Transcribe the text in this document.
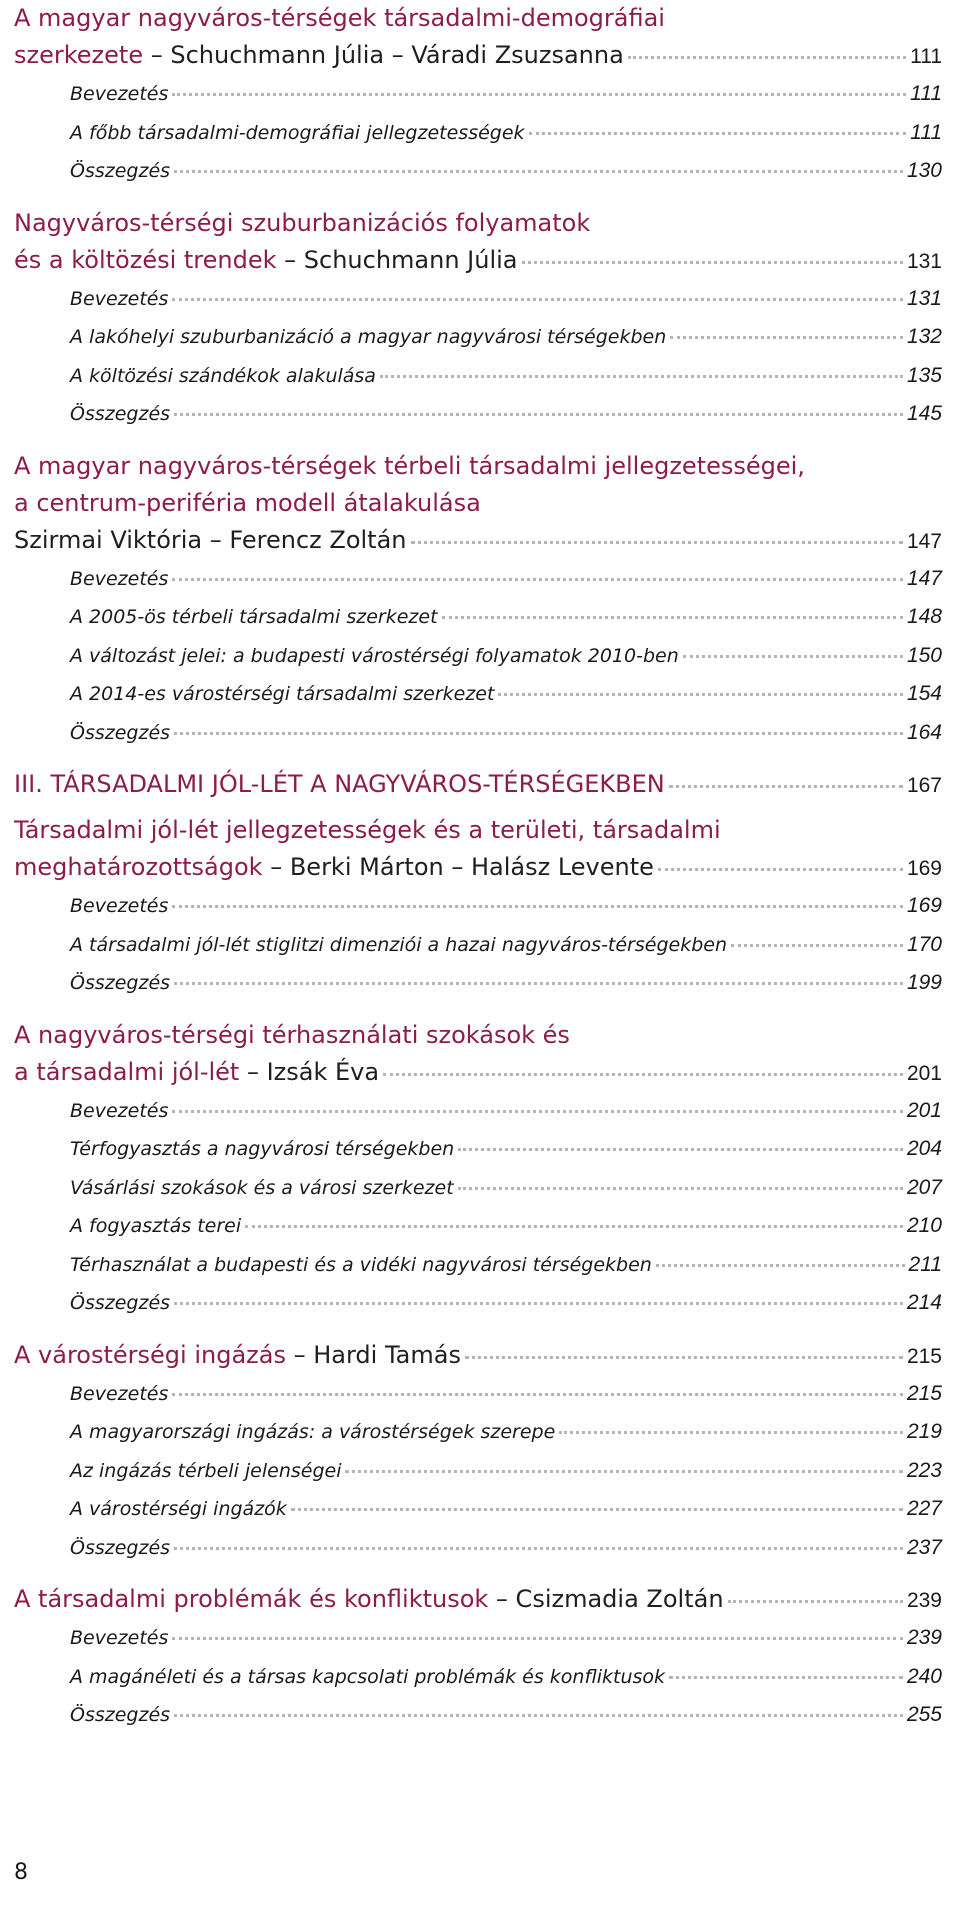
A magyar nagyváros-térségek társadalmi-demográfiai
szerkezete – Schuchmann Júlia – Váradi Zsuzsanna	111
Bevezetés	111
A főbb társadalmi-demográfiai jellegzetességek	111
Összegzés	130
Nagyváros-térségi szuburbanizációs folyamatok
és a költözési trendek – Schuchmann Júlia	131
Bevezetés	131
A lakóhelyi szuburbanizáció a magyar nagyvárosi térségekben	132
A költözési szándékok alakulása	135
Összegzés	145
A magyar nagyváros-térségek térbeli társadalmi jellegzetességei,
a centrum-periféria modell átalakulása
Szirmai Viktória – Ferencz Zoltán	147
Bevezetés	147
A 2005-ös térbeli társadalmi szerkezet	148
A változást jelei: a budapesti várostérségi folyamatok 2010-ben	150
A 2014-es várostérségi társadalmi szerkezet	154
Összegzés	164
III. TÁRSADALMI JÓL-LÉT A NAGYVÁROS-TÉRSÉGEKBEN	167
Társadalmi jól-lét jellegzetességek és a területi, társadalmi
meghatározottságok – Berki Márton – Halász Levente	169
Bevezetés	169
A társadalmi jól-lét stiglitzi dimenziói a hazai nagyváros-térségekben	170
Összegzés	199
A nagyváros-térségi térhasználati szokások és
a társadalmi jól-lét – Izsák Éva	201
Bevezetés	201
Térfogyasztás a nagyvárosi térségekben	204
Vásárlási szokások és a városi szerkezet	207
A fogyasztás terei	210
Térhasználat a budapesti és a vidéki nagyvárosi térségekben	211
Összegzés	214
A várostérségi ingázás – Hardi Tamás	215
Bevezetés	215
A magyarországi ingázás: a várostérségek szerepe	219
Az ingázás térbeli jelenségei	223
A várostérségi ingázók	227
Összegzés	237
A társadalmi problémák és konfliktusok – Csizmadia Zoltán	239
Bevezetés	239
A magánéleti és a társas kapcsolati problémák és konfliktusok	240
Összegzés	255
8
